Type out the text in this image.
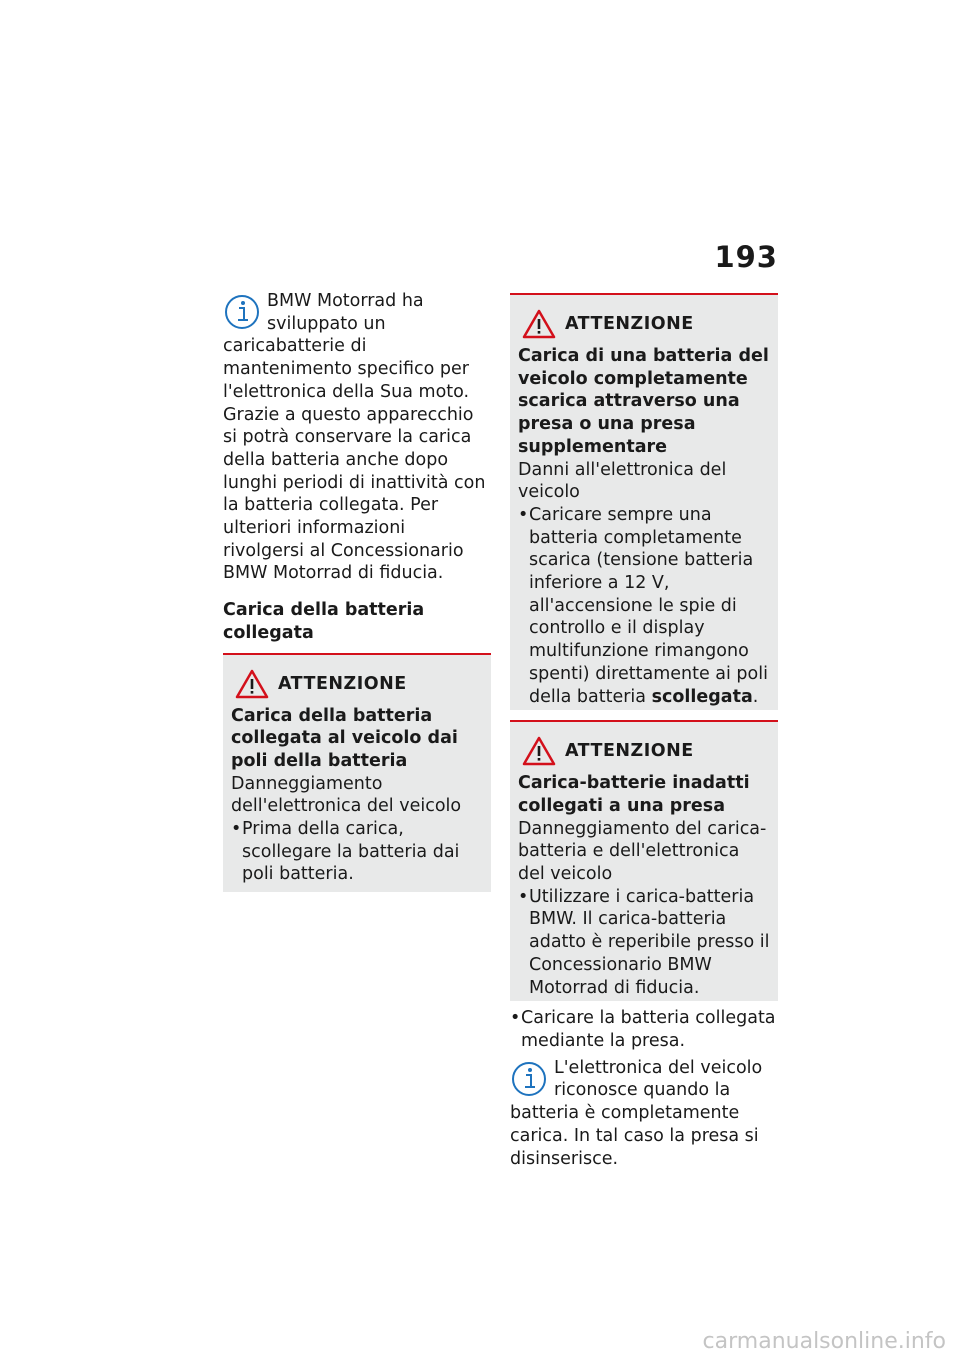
193

BMW Motorrad ha sviluppato un caricabatterie di mantenimento specifico per l'elettronica della Sua moto. Grazie a questo apparecchio si potrà conservare la carica della batteria anche dopo lunghi periodi di inattività con la batteria collegata. Per ulteriori informazioni rivolgersi al Concessionario BMW Motorrad di fiducia.

Carica della batteria collegata

ATTENZIONE

Carica della batteria collegata al veicolo dai poli della batteria

Danneggiamento dell'elettronica del veicolo

• Prima della carica, scollegare la batteria dai poli batteria.

ATTENZIONE

Carica di una batteria del veicolo completamente scarica attraverso una presa o una presa supplementare

Danni all'elettronica del veicolo

• Caricare sempre una batteria completamente scarica (tensione batteria inferiore a 12 V, all'accensione le spie di controllo e il display multifunzione rimangono spenti) direttamente ai poli della batteria scollegata.

ATTENZIONE

Carica-batterie inadatti collegati a una presa

Danneggiamento del carica-batteria e dell'elettronica del veicolo

• Utilizzare i carica-batteria BMW. Il carica-batteria adatto è reperibile presso il Concessionario BMW Motorrad di fiducia.

• Caricare la batteria collegata mediante la presa.

L'elettronica del veicolo riconosce quando la batteria è completamente carica. In tal caso la presa si disinserisce.

carmanualsonline.info
